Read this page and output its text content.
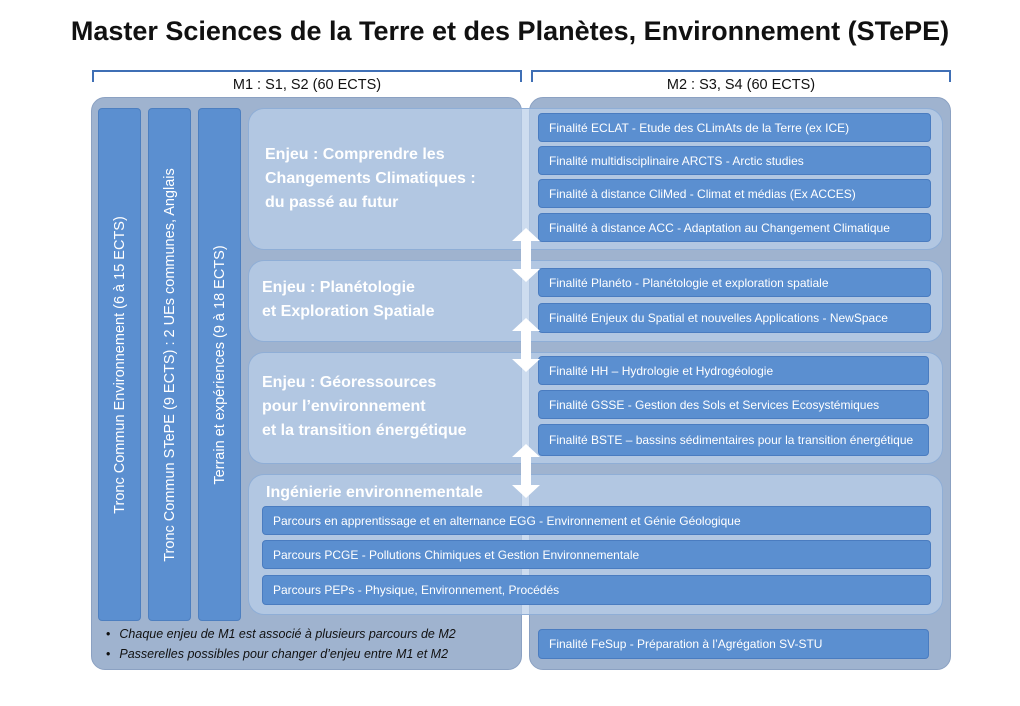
Master Sciences de la Terre et des Planètes, Environnement (STePE)
M1 : S1, S2 (60 ECTS)	M2 : S3, S4 (60 ECTS)
Tronc Commun Environnement (6 à 15 ECTS) Tronc Commun STePE (9 ECTS) : 2 UEs communes, Anglais Terrain et expériences (9 à 18 ECTS)
Enjeu : Comprendre les
Changements Climatiques :
du passé au futur
Finalité ECLAT - Etude des CLimAts de la Terre (ex ICE)
Finalité multidisciplinaire ARCTS - Arctic studies
Finalité à distance CliMed - Climat et médias (Ex ACCES)
Finalité à distance ACC - Adaptation au Changement Climatique
Enjeu : Planétologie
et Exploration Spatiale
Finalité Planéto - Planétologie et exploration spatiale
Finalité Enjeux du Spatial et nouvelles Applications - NewSpace
Enjeu : Géoressources
pour l’environnement
et la transition énergétique
Finalité HH – Hydrologie et Hydrogéologie
Finalité GSSE - Gestion des Sols et Services Ecosystémiques
Finalité BSTE – bassins sédimentaires pour la transition énergétique
Ingénierie environnementale
Parcours en apprentissage et en alternance EGG - Environnement et Génie Géologique
Parcours PCGE - Pollutions Chimiques et Gestion Environnementale
Parcours PEPs - Physique, Environnement, Procédés
• Chaque enjeu de M1 est associé à plusieurs parcours de M2
• Passerelles possibles pour changer d’enjeu entre M1 et M2
Finalité FeSup - Préparation à l’Agrégation SV-STU
